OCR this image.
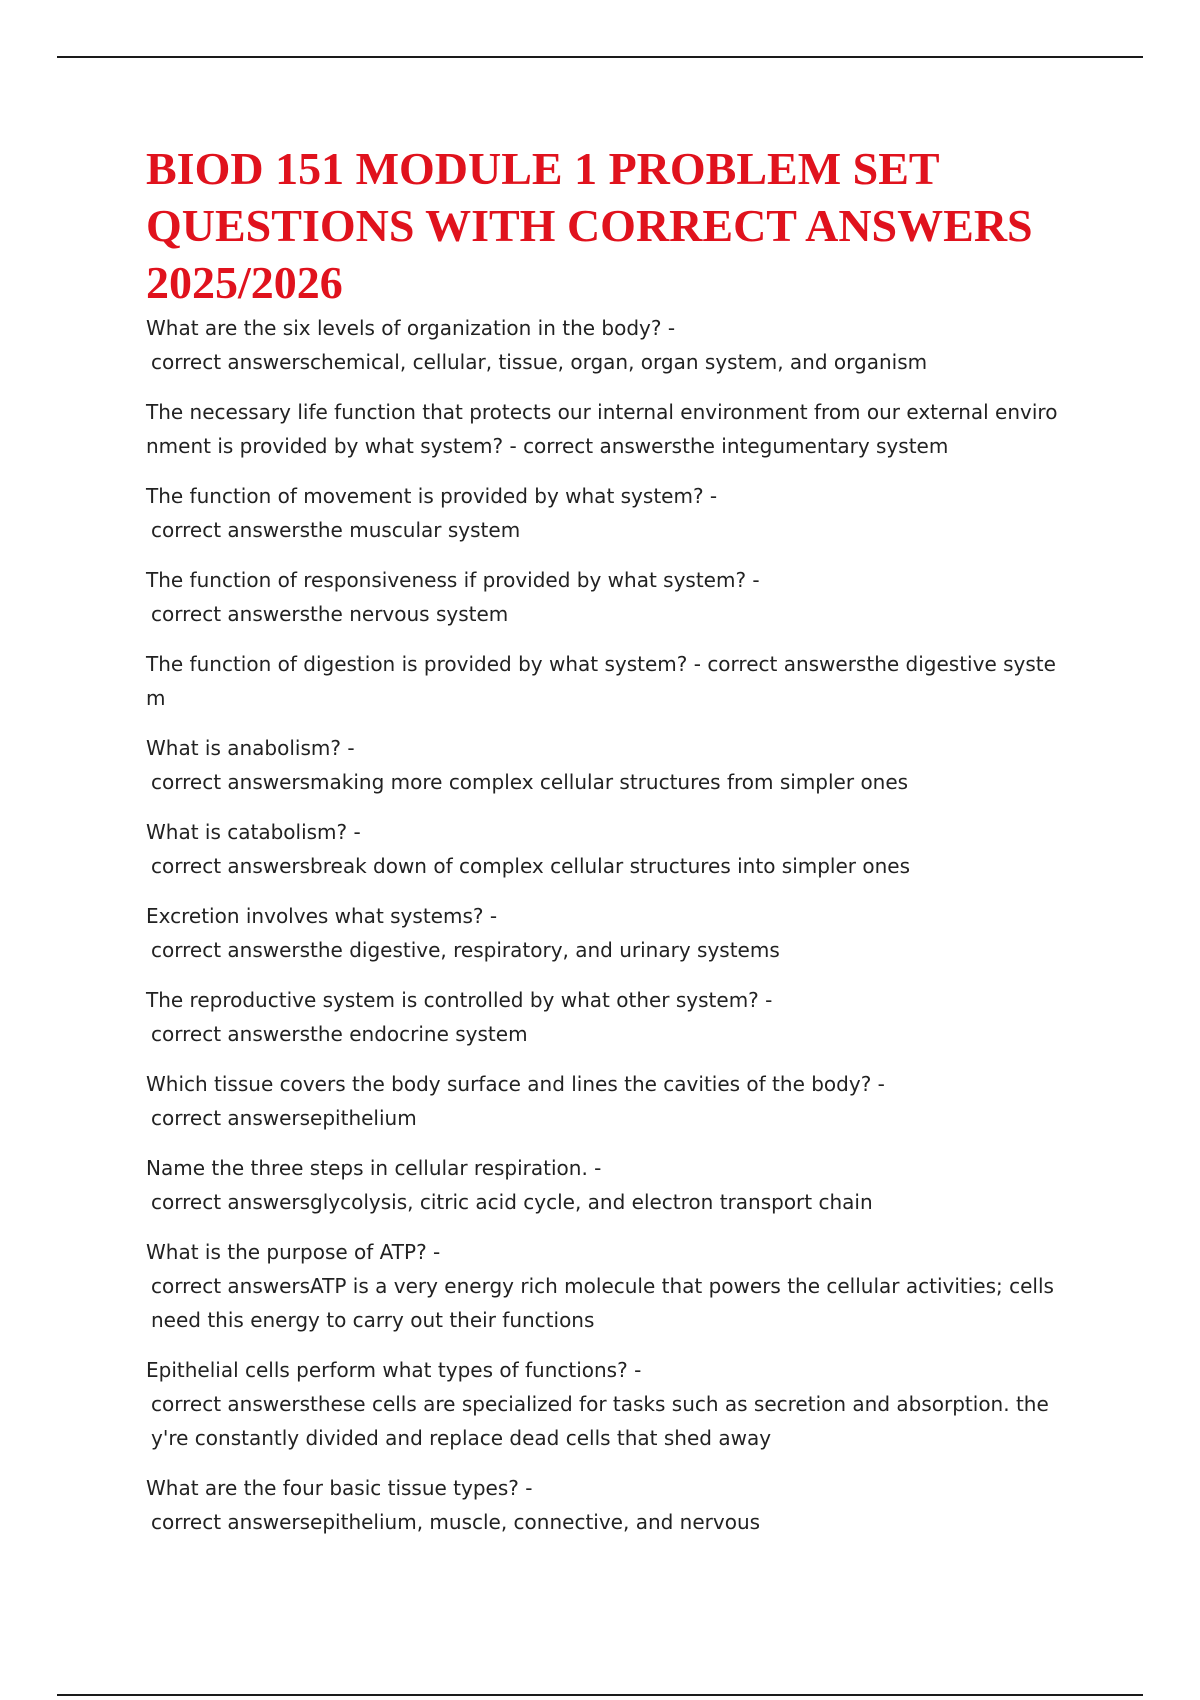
BIOD 151 MODULE 1 PROBLEM SET QUESTIONS WITH CORRECT ANSWERS 2025/2026
What are the six levels of organization in the body? -
correct answerschemical, cellular, tissue, organ, organ system, and organism
The necessary life function that protects our internal environment from our external environment is provided by what system? - correct answersthe integumentary system
The function of movement is provided by what system? -
correct answersthe muscular system
The function of responsiveness if provided by what system? -
correct answersthe nervous system
The function of digestion is provided by what system? - correct answersthe digestive system
What is anabolism? -
correct answersmaking more complex cellular structures from simpler ones
What is catabolism? -
correct answersbreak down of complex cellular structures into simpler ones
Excretion involves what systems? -
correct answersthe digestive, respiratory, and urinary systems
The reproductive system is controlled by what other system? -
correct answersthe endocrine system
Which tissue covers the body surface and lines the cavities of the body? -
correct answersepithelium
Name the three steps in cellular respiration. -
correct answersglycolysis, citric acid cycle, and electron transport chain
What is the purpose of ATP? -
correct answersATP is a very energy rich molecule that powers the cellular activities; cells need this energy to carry out their functions
Epithelial cells perform what types of functions? -
correct answersthese cells are specialized for tasks such as secretion and absorption. they're constantly divided and replace dead cells that shed away
What are the four basic tissue types? -
correct answersepithelium, muscle, connective, and nervous
